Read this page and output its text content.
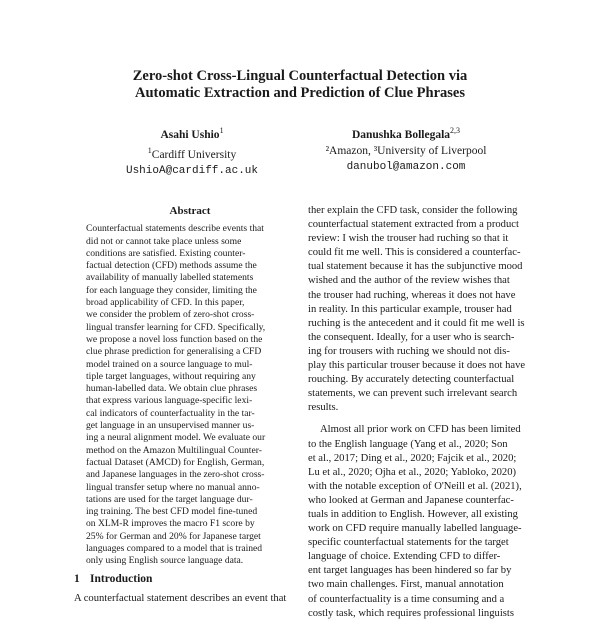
Zero-shot Cross-Lingual Counterfactual Detection via
Automatic Extraction and Prediction of Clue Phrases
Asahi Ushio$^1$
$^1$Cardiff University
UshioA@cardiff.ac.uk
Danushka Bollegala$^{2,3}$
²Amazon, ³University of Liverpool
danubol@amazon.com
Abstract
Counterfactual statements describe events that
did not or cannot take place unless some
conditions are satisfied. Existing counter-
factual detection (CFD) methods assume the
availability of manually labelled statements
for each language they consider, limiting the
broad applicability of CFD. In this paper,
we consider the problem of zero-shot cross-
lingual transfer learning for CFD. Specifically,
we propose a novel loss function based on the
clue phrase prediction for generalising a CFD
model trained on a source language to mul-
tiple target languages, without requiring any
human-labelled data. We obtain clue phrases
that express various language-specific lexi-
cal indicators of counterfactuality in the tar-
get language in an unsupervised manner us-
ing a neural alignment model. We evaluate our
method on the Amazon Multilingual Counter-
factual Dataset (AMCD) for English, German,
and Japanese languages in the zero-shot cross-
lingual transfer setup where no manual anno-
tations are used for the target language dur-
ing training. The best CFD model fine-tuned
on XLM-R improves the macro F1 score by
25% for German and 20% for Japanese target
languages compared to a model that is trained
only using English source language data.
1 Introduction
A counterfactual statement describes an event that
ther explain the CFD task, consider the following
counterfactual statement extracted from a product
review: I wish the trouser had ruching so that it
could fit me well. This is considered a counterfac-
tual statement because it has the subjunctive mood
wished and the author of the review wishes that
the trouser had ruching, whereas it does not have
in reality. In this particular example, trouser had
ruching is the antecedent and it could fit me well is
the consequent. Ideally, for a user who is search-
ing for trousers with ruching we should not dis-
play this particular trouser because it does not have
rouching. By accurately detecting counterfactual
statements, we can prevent such irrelevant search
results.
Almost all prior work on CFD has been limited
to the English language (Yang et al., 2020; Son
et al., 2017; Ding et al., 2020; Fajcik et al., 2020;
Lu et al., 2020; Ojha et al., 2020; Yabloko, 2020)
with the notable exception of O'Neill et al. (2021),
who looked at German and Japanese counterfac-
tuals in addition to English. However, all existing
work on CFD require manually labelled language-
specific counterfactual statements for the target
language of choice. Extending CFD to differ-
ent target languages has been hindered so far by
two main challenges. First, manual annotation
of counterfactuality is a time consuming and a
costly task, which requires professional linguists
